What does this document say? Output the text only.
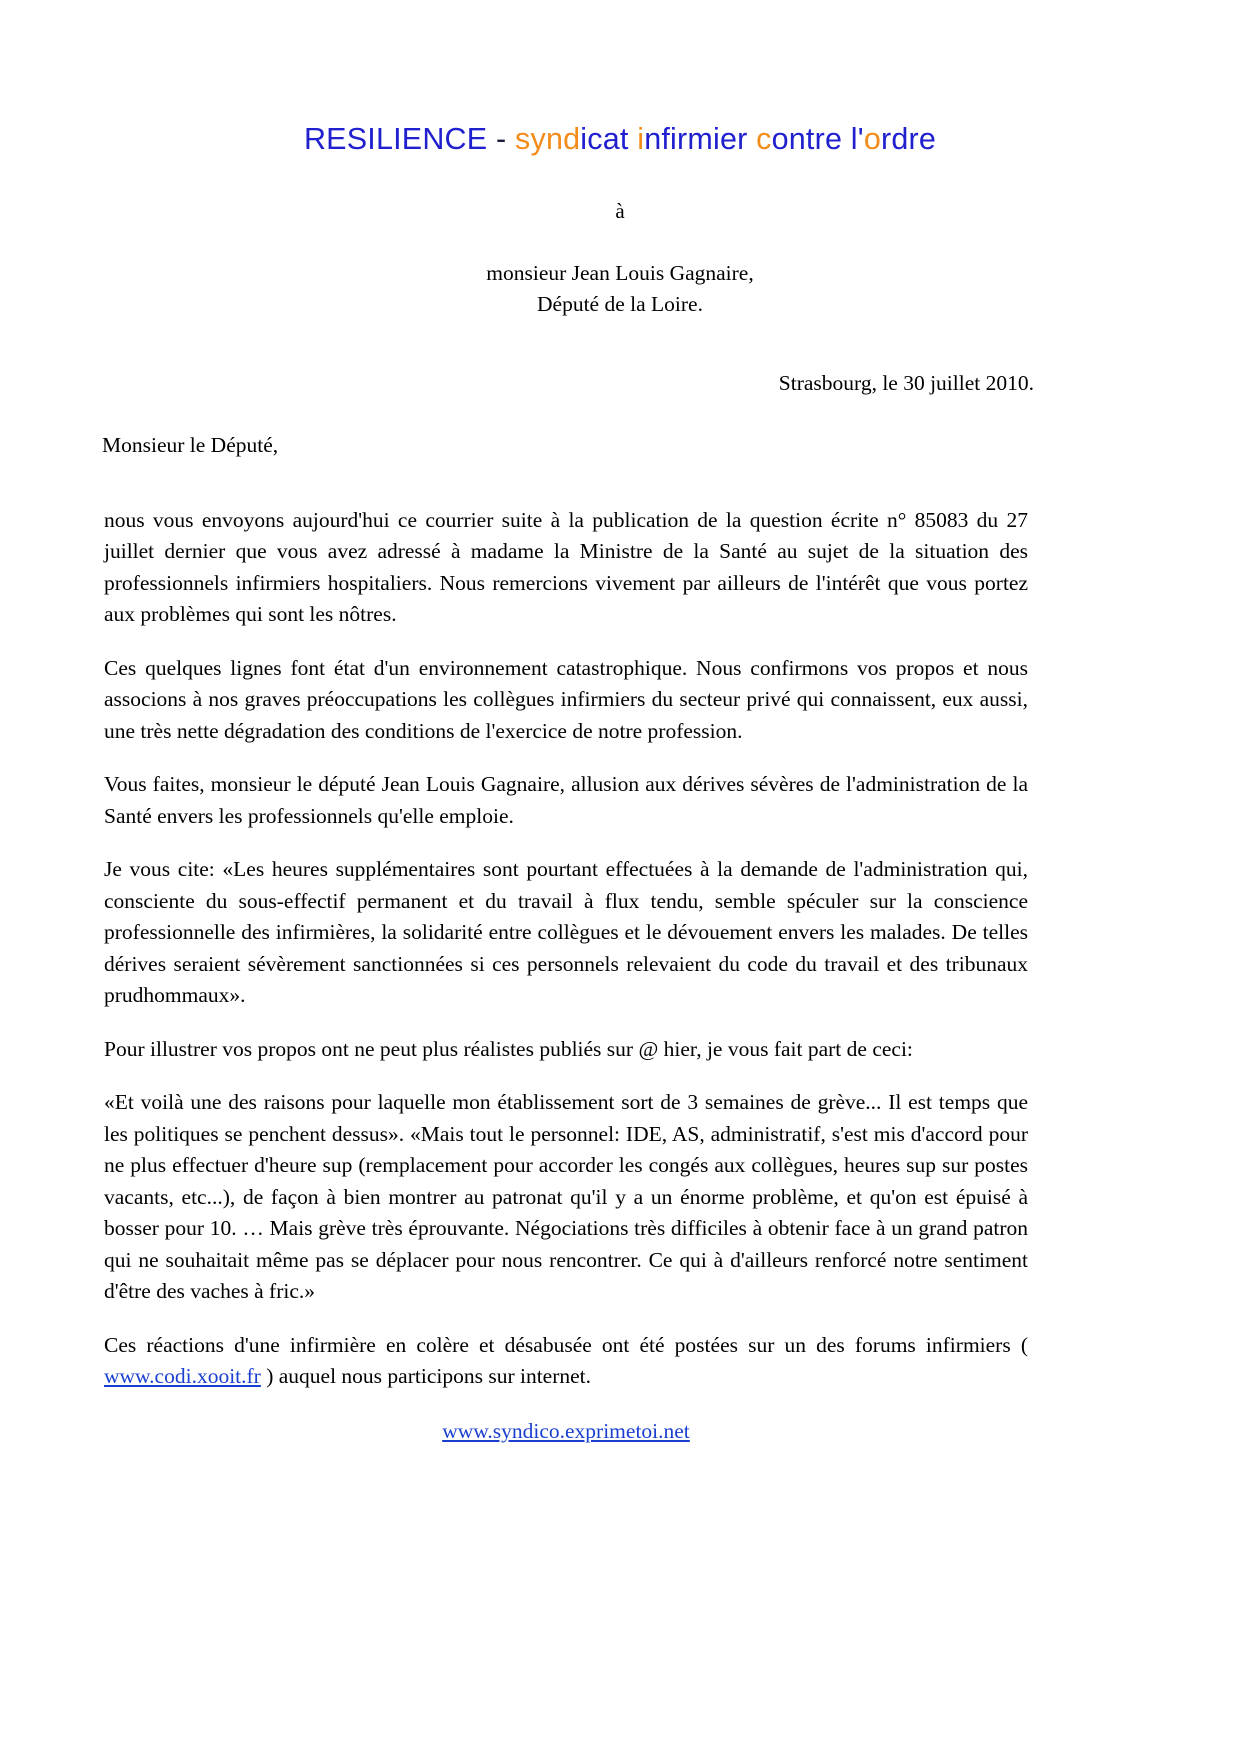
RESILIENCE - syndicat infirmier contre l'ordre
à
monsieur Jean Louis Gagnaire,
Député de la Loire.
Strasbourg, le 30 juillet 2010.
Monsieur le Député,

nous vous envoyons aujourd'hui ce courrier suite à la publication de la question écrite n° 85083 du 27 juillet dernier que vous avez adressé à madame la Ministre de la Santé au sujet de la situation des professionnels infirmiers hospitaliers. Nous remercions vivement par ailleurs de l'intérêt que vous portez aux problèmes qui sont les nôtres.

Ces quelques lignes font état d'un environnement catastrophique. Nous confirmons vos propos et nous associons à nos graves préoccupations les collègues infirmiers du secteur privé qui connaissent, eux aussi, une très nette dégradation des conditions de l'exercice de notre profession.

Vous faites, monsieur le député Jean Louis Gagnaire, allusion aux dérives sévères de l'administration de la Santé envers les professionnels qu'elle emploie.

Je vous cite: «Les heures supplémentaires sont pourtant effectuées à la demande de l'administration qui, consciente du sous-effectif permanent et du travail à flux tendu, semble spéculer sur la conscience professionnelle des infirmières, la solidarité entre collègues et le dévouement envers les malades. De telles dérives seraient sévèrement sanctionnées si ces personnels relevaient du code du travail et des tribunaux prudhommaux».

Pour illustrer vos propos ont ne peut plus réalistes publiés sur @ hier, je vous fait part de ceci:

«Et voilà une des raisons pour laquelle mon établissement sort de 3 semaines de grève... Il est temps que les politiques se penchent dessus». «Mais tout le personnel: IDE, AS, administratif, s'est mis d'accord pour ne plus effectuer d'heure sup (remplacement pour accorder les congés aux collègues, heures sup sur postes vacants, etc...), de façon à bien montrer au patronat qu'il y a un énorme problème, et qu'on est épuisé à bosser pour 10. … Mais grève très éprouvante. Négociations très difficiles à obtenir face à un grand patron qui ne souhaitait même pas se déplacer pour nous rencontrer. Ce qui à d'ailleurs renforcé notre sentiment d'être des vaches à fric.»

Ces réactions d'une infirmière en colère et désabusée ont été postées sur un des forums infirmiers ( www.codi.xooit.fr ) auquel nous participons sur internet.

www.syndico.exprimetoi.net
